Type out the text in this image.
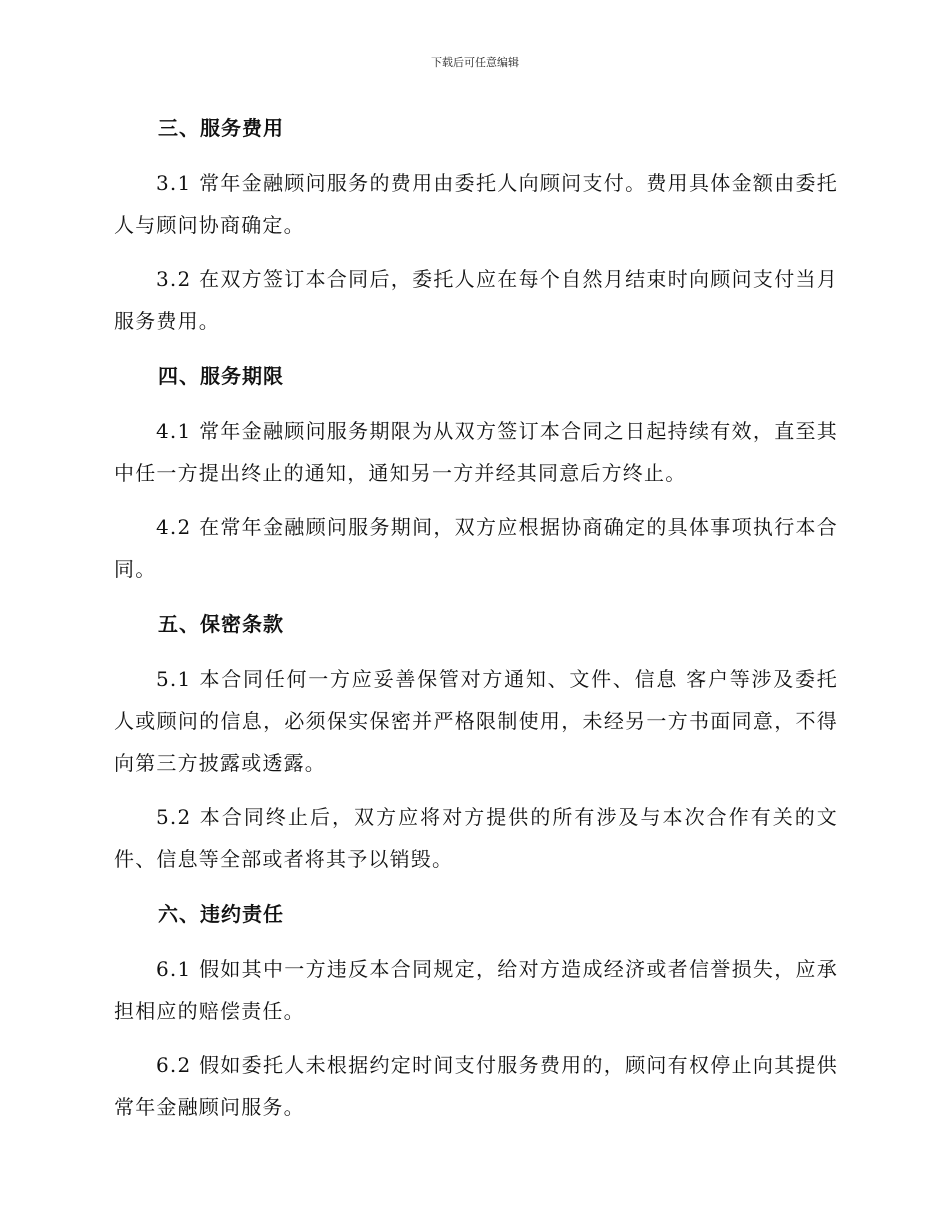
下载后可任意编辑
三、服务费用

3.1 常年金融顾问服务的费用由委托人向顾问支付。费用具体金额由委托人与顾问协商确定。

3.2 在双方签订本合同后，委托人应在每个自然月结束时向顾问支付当月服务费用。

四、服务期限

4.1 常年金融顾问服务期限为从双方签订本合同之日起持续有效，直至其中任一方提出终止的通知，通知另一方并经其同意后方终止。

4.2 在常年金融顾问服务期间，双方应根据协商确定的具体事项执行本合同。

五、保密条款

5.1 本合同任何一方应妥善保管对方通知、文件、信息 客户等涉及委托人或顾问的信息，必须保实保密并严格限制使用，未经另一方书面同意，不得向第三方披露或透露。

5.2 本合同终止后，双方应将对方提供的所有涉及与本次合作有关的文件、信息等全部或者将其予以销毁。

六、违约责任

6.1 假如其中一方违反本合同规定，给对方造成经济或者信誉损失，应承担相应的赔偿责任。

6.2 假如委托人未根据约定时间支付服务费用的，顾问有权停止向其提供常年金融顾问服务。
